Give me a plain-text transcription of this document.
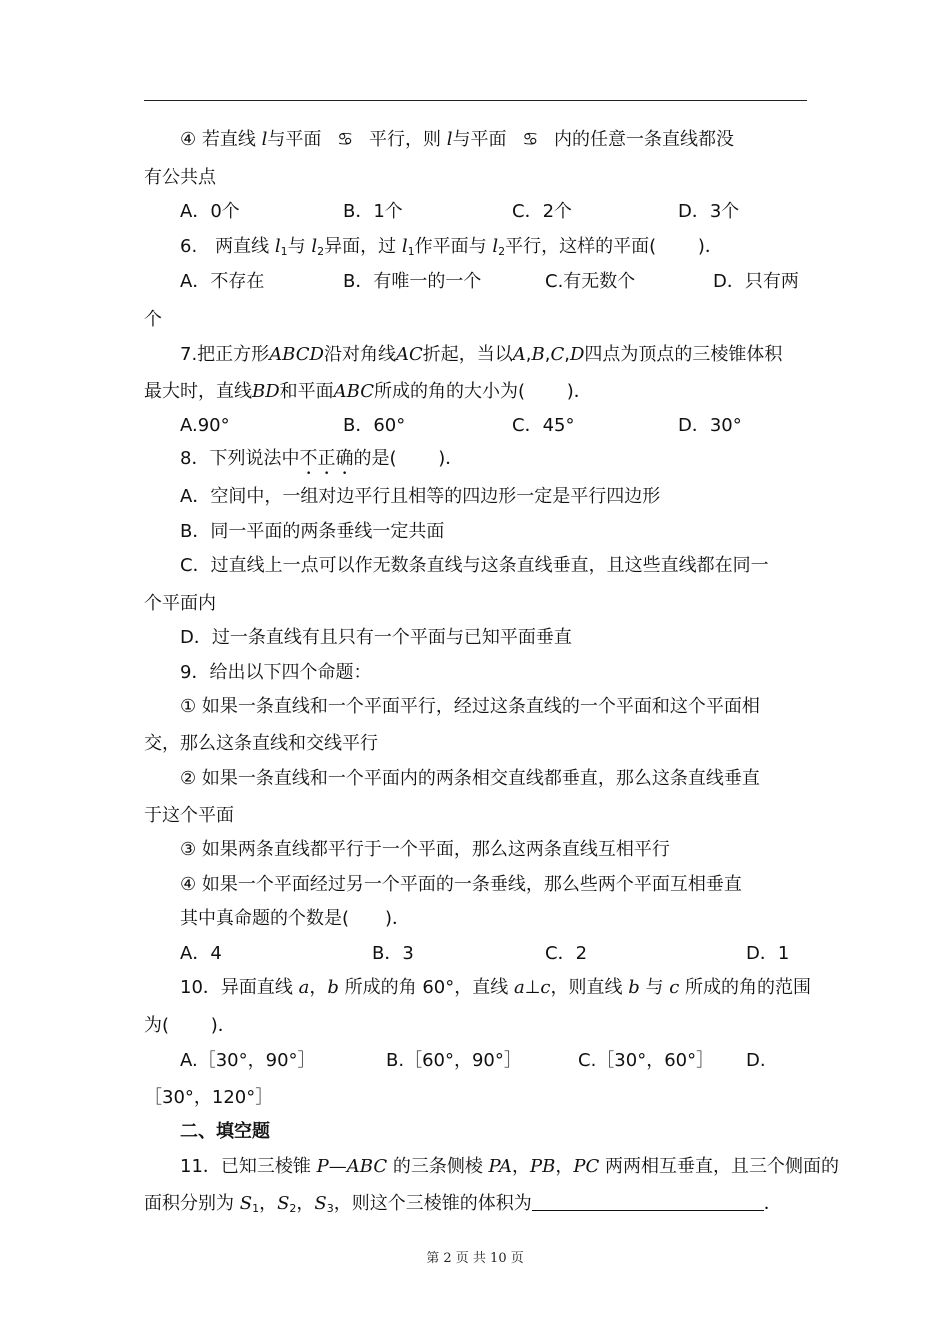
④ 若直线 l与平面 ♋ 平行，则 l与平面 ♋ 内的任意一条直线都没
有公共点
A．0个	B．1个	C．2个	D．3个
6.　两直线 $l_1$与 $l_2$异面，过 $l_1$作平面与 $l_2$平行，这样的平面(　　 )．
A．不存在	B．有唯一的一个	C.有无数个	D．只有两
个
7.把正方形ABCD沿对角线AC折起，当以A,B,C,D四点为顶点的三棱锥体积
最大时，直线BD和平面ABC所成的角的大小为(　　 )．
A.90°	B．60°	C．45°	D．30°
8．下列说法中不正确的是(　　 )．
A．空间中，一组对边平行且相等的四边形一定是平行四边形
B．同一平面的两条垂线一定共面
C．过直线上一点可以作无数条直线与这条直线垂直，且这些直线都在同一
个平面内
D．过一条直线有且只有一个平面与已知平面垂直
9．给出以下四个命题：
① 如果一条直线和一个平面平行，经过这条直线的一个平面和这个平面相
交，那么这条直线和交线平行
② 如果一条直线和一个平面内的两条相交直线都垂直，那么这条直线垂直
于这个平面
③ 如果两条直线都平行于一个平面，那么这两条直线互相平行
④ 如果一个平面经过另一个平面的一条垂线，那么些两个平面互相垂直
其中真命题的个数是(　　)．
A．4	B．3	C．2	D．1
10．异面直线 a，b 所成的角 60°，直线 a⊥c，则直线 b 与 c 所成的角的范围
为(　　 )．
A.［30°，90°］	B.［60°，90°］	C.［30°，60°］ D.
［30°，120°］
二、填空题
11．已知三棱锥 P—ABC 的三条侧棱 PA，PB，PC 两两相互垂直，且三个侧面的
面积分别为 $S_1$，$S_2$，$S_3$，则这个三棱锥的体积为	．
第 2 页 共 10 页
